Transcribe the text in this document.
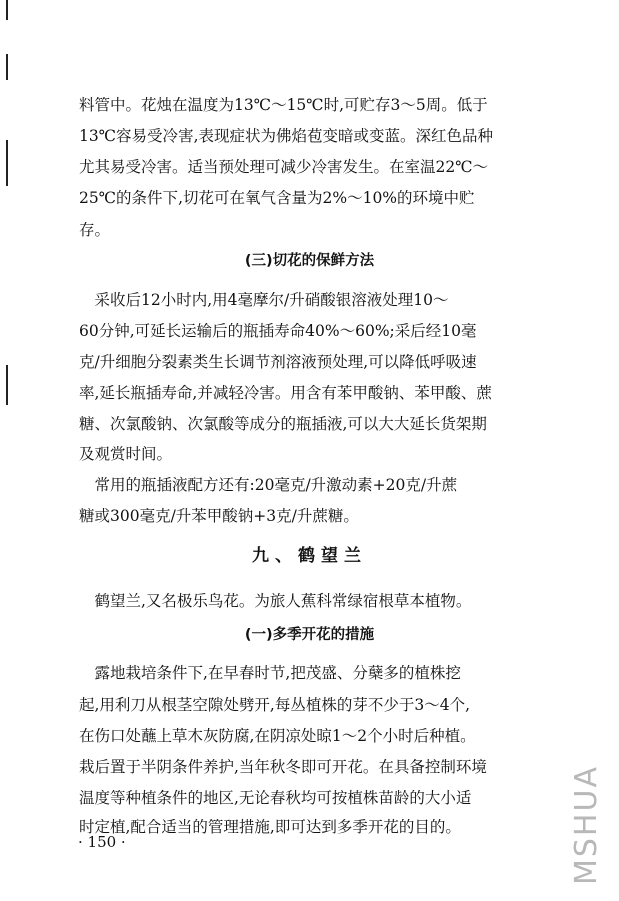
料管中。花烛在温度为13℃～15℃时,可贮存3～5周。低于
13℃容易受冷害,表现症状为佛焰苞变暗或变蓝。深红色品种
尤其易受冷害。适当预处理可减少冷害发生。在室温22℃～
25℃的条件下,切花可在氧气含量为2%～10%的环境中贮
存。
(三)切花的保鲜方法
　采收后12小时内,用4毫摩尔/升硝酸银溶液处理10～
60分钟,可延长运输后的瓶插寿命40%～60%;采后经10毫
克/升细胞分裂素类生长调节剂溶液预处理,可以降低呼吸速
率,延长瓶插寿命,并减轻冷害。用含有苯甲酸钠、苯甲酸、蔗
糖、次氯酸钠、次氯酸等成分的瓶插液,可以大大延长货架期
及观赏时间。
　常用的瓶插液配方还有:20毫克/升激动素+20克/升蔗
糖或300毫克/升苯甲酸钠+3克/升蔗糖。
九、鹤望兰
　鹤望兰,又名极乐鸟花。为旅人蕉科常绿宿根草本植物。
(一)多季开花的措施
　露地栽培条件下,在早春时节,把茂盛、分蘖多的植株挖
起,用利刀从根茎空隙处劈开,每丛植株的芽不少于3～4个,
在伤口处蘸上草木灰防腐,在阴凉处晾1～2个小时后种植。
栽后置于半阴条件养护,当年秋冬即可开花。在具备控制环境
温度等种植条件的地区,无论春秋均可按植株苗龄的大小适
时定植,配合适当的管理措施,即可达到多季开花的目的。
· 150 ·	MSHUA
